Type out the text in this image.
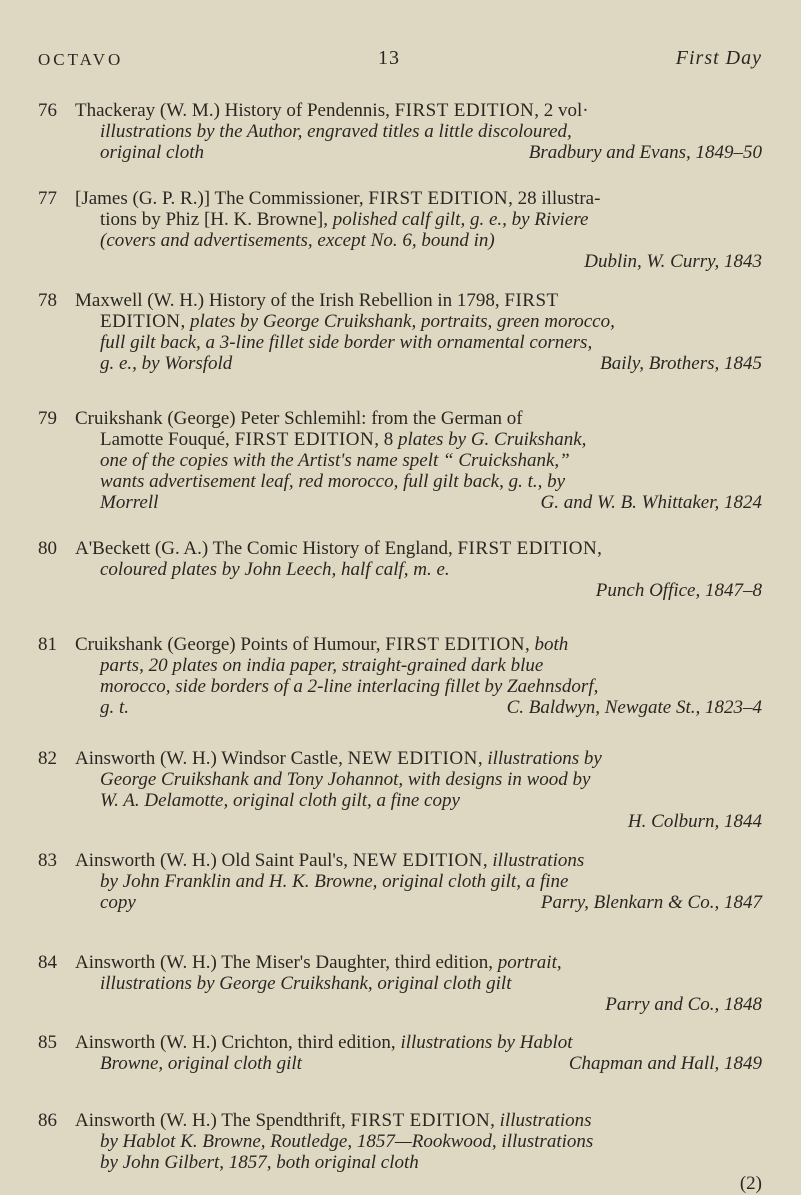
OCTAVO	13	First Day
76 Thackeray (W. M.) History of Pendennis, FIRST EDITION, 2 vol·
illustrations by the Author, engraved titles a little discoloured,
original cloth	Bradbury and Evans, 1849–50
77 [James (G. P. R.)] The Commissioner, FIRST EDITION, 28 illustra-
tions by Phiz [H. K. Browne], polished calf gilt, g. e., by Riviere
(covers and advertisements, except No. 6, bound in)
Dublin, W. Curry, 1843
78 Maxwell (W. H.) History of the Irish Rebellion in 1798, FIRST
EDITION, plates by George Cruikshank, portraits, green morocco,
full gilt back, a 3-line fillet side border with ornamental corners,
g. e., by Worsfold	Baily, Brothers, 1845
79 Cruikshank (George) Peter Schlemihl: from the German of
Lamotte Fouqué, FIRST EDITION, 8 plates by G. Cruikshank,
one of the copies with the Artist's name spelt “ Cruickshank,”
wants advertisement leaf, red morocco, full gilt back, g. t., by
Morrell	G. and W. B. Whittaker, 1824
80 A'Beckett (G. A.) The Comic History of England, FIRST EDITION,
coloured plates by John Leech, half calf, m. e.
Punch Office, 1847–8
81 Cruikshank (George) Points of Humour, FIRST EDITION, both
parts, 20 plates on india paper, straight-grained dark blue
morocco, side borders of a 2-line interlacing fillet by Zaehnsdorf,
g. t.	C. Baldwyn, Newgate St., 1823–4
82 Ainsworth (W. H.) Windsor Castle, NEW EDITION, illustrations by
George Cruikshank and Tony Johannot, with designs in wood by
W. A. Delamotte, original cloth gilt, a fine copy
H. Colburn, 1844
83 Ainsworth (W. H.) Old Saint Paul's, NEW EDITION, illustrations
by John Franklin and H. K. Browne, original cloth gilt, a fine
copy	Parry, Blenkarn & Co., 1847
84 Ainsworth (W. H.) The Miser's Daughter, third edition, portrait,
illustrations by George Cruikshank, original cloth gilt
Parry and Co., 1848
85 Ainsworth (W. H.) Crichton, third edition, illustrations by Hablot
Browne, original cloth gilt	Chapman and Hall, 1849
86 Ainsworth (W. H.) The Spendthrift, FIRST EDITION, illustrations
by Hablot K. Browne, Routledge, 1857—Rookwood, illustrations
by John Gilbert, 1857, both original cloth
(2)
